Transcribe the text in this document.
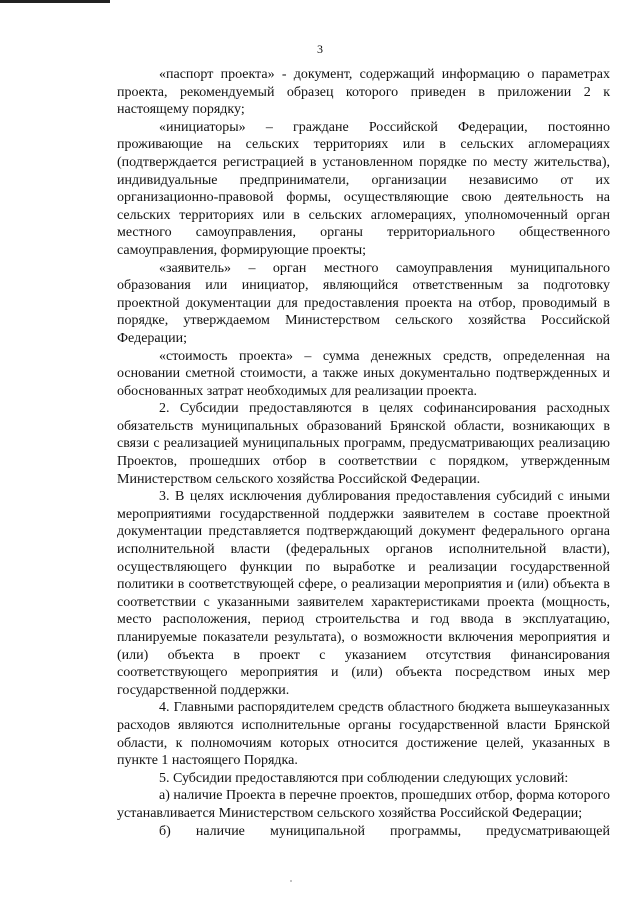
3

«паспорт проекта» - документ, содержащий информацию о параметрах проекта, рекомендуемый образец которого приведен в приложении 2 к настоящему порядку;

«инициаторы» – граждане Российской Федерации, постоянно проживающие на сельских территориях или в сельских агломерациях (подтверждается регистрацией в установленном порядке по месту жительства), индивидуальные предприниматели, организации независимо от их организационно-правовой формы, осуществляющие свою деятельность на сельских территориях или в сельских агломерациях, уполномоченный орган местного самоуправления, органы территориального общественного самоуправления, формирующие проекты;

«заявитель» – орган местного самоуправления муниципального образования или инициатор, являющийся ответственным за подготовку проектной документации для предоставления проекта на отбор, проводимый в порядке, утверждаемом Министерством сельского хозяйства Российской Федерации;

«стоимость проекта» – сумма денежных средств, определенная на основании сметной стоимости, а также иных документально подтвержденных и обоснованных затрат необходимых для реализации проекта.

2. Субсидии предоставляются в целях софинансирования расходных обязательств муниципальных образований Брянской области, возникающих в связи с реализацией муниципальных программ, предусматривающих реализацию Проектов, прошедших отбор в соответствии с порядком, утвержденным Министерством сельского хозяйства Российской Федерации.

3. В целях исключения дублирования предоставления субсидий с иными мероприятиями государственной поддержки заявителем в составе проектной документации представляется подтверждающий документ федерального органа исполнительной власти (федеральных органов исполнительной власти), осуществляющего функции по выработке и реализации государственной политики в соответствующей сфере, о реализации мероприятия и (или) объекта в соответствии с указанными заявителем характеристиками проекта (мощность, место расположения, период строительства и год ввода в эксплуатацию, планируемые показатели результата), о возможности включения мероприятия и (или) объекта в проект с указанием отсутствия финансирования соответствующего мероприятия и (или) объекта посредством иных мер государственной поддержки.

4. Главными распорядителем средств областного бюджета вышеуказанных расходов являются исполнительные органы государственной власти Брянской области, к полномочиям которых относится достижение целей, указанных в пункте 1 настоящего Порядка.

5. Субсидии предоставляются при соблюдении следующих условий:

а) наличие Проекта в перечне проектов, прошедших отбор, форма которого устанавливается Министерством сельского хозяйства Российской Федерации;

б) наличие муниципальной программы, предусматривающей
